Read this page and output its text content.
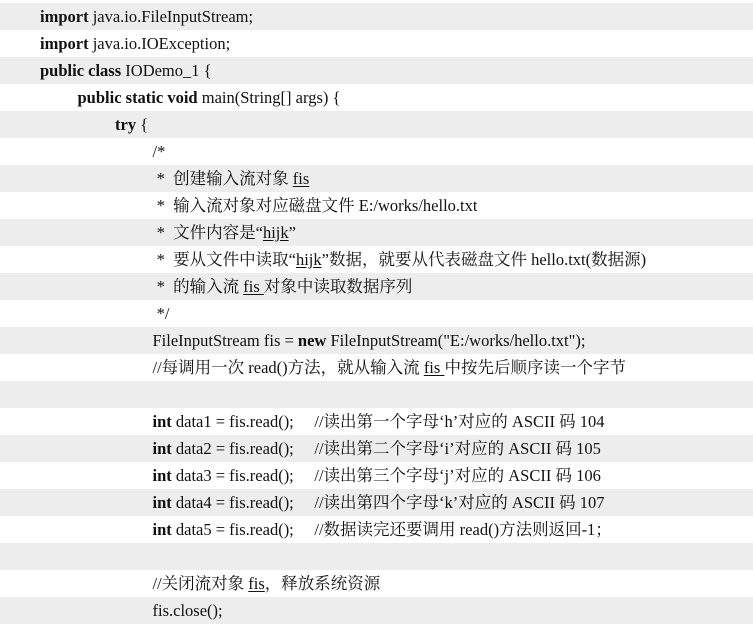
import java.io.FileInputStream;
import java.io.IOException;
public class IODemo_1 {
public static void main(String[] args) {
try {
/*
*  创建输入流对象 fis
*  输入流对象对应磁盘文件 E:/works/hello.txt
*  文件内容是“hijk”
*  要从文件中读取“hijk”数据，就要从代表磁盘文件 hello.txt(数据源)
*  的输入流 fis 对象中读取数据序列
*/
FileInputStream fis = new FileInputStream("E:/works/hello.txt");
//每调用一次 read()方法，就从输入流 fis 中按先后顺序读一个字节
int data1 = fis.read();     //读出第一个字母‘h’对应的 ASCII 码 104
int data2 = fis.read();     //读出第二个字母‘i’对应的 ASCII 码 105
int data3 = fis.read();     //读出第三个字母‘j’对应的 ASCII 码 106
int data4 = fis.read();     //读出第四个字母‘k’对应的 ASCII 码 107
int data5 = fis.read();     //数据读完还要调用 read()方法则返回-1；
//关闭流对象 fis，释放系统资源
fis.close();
